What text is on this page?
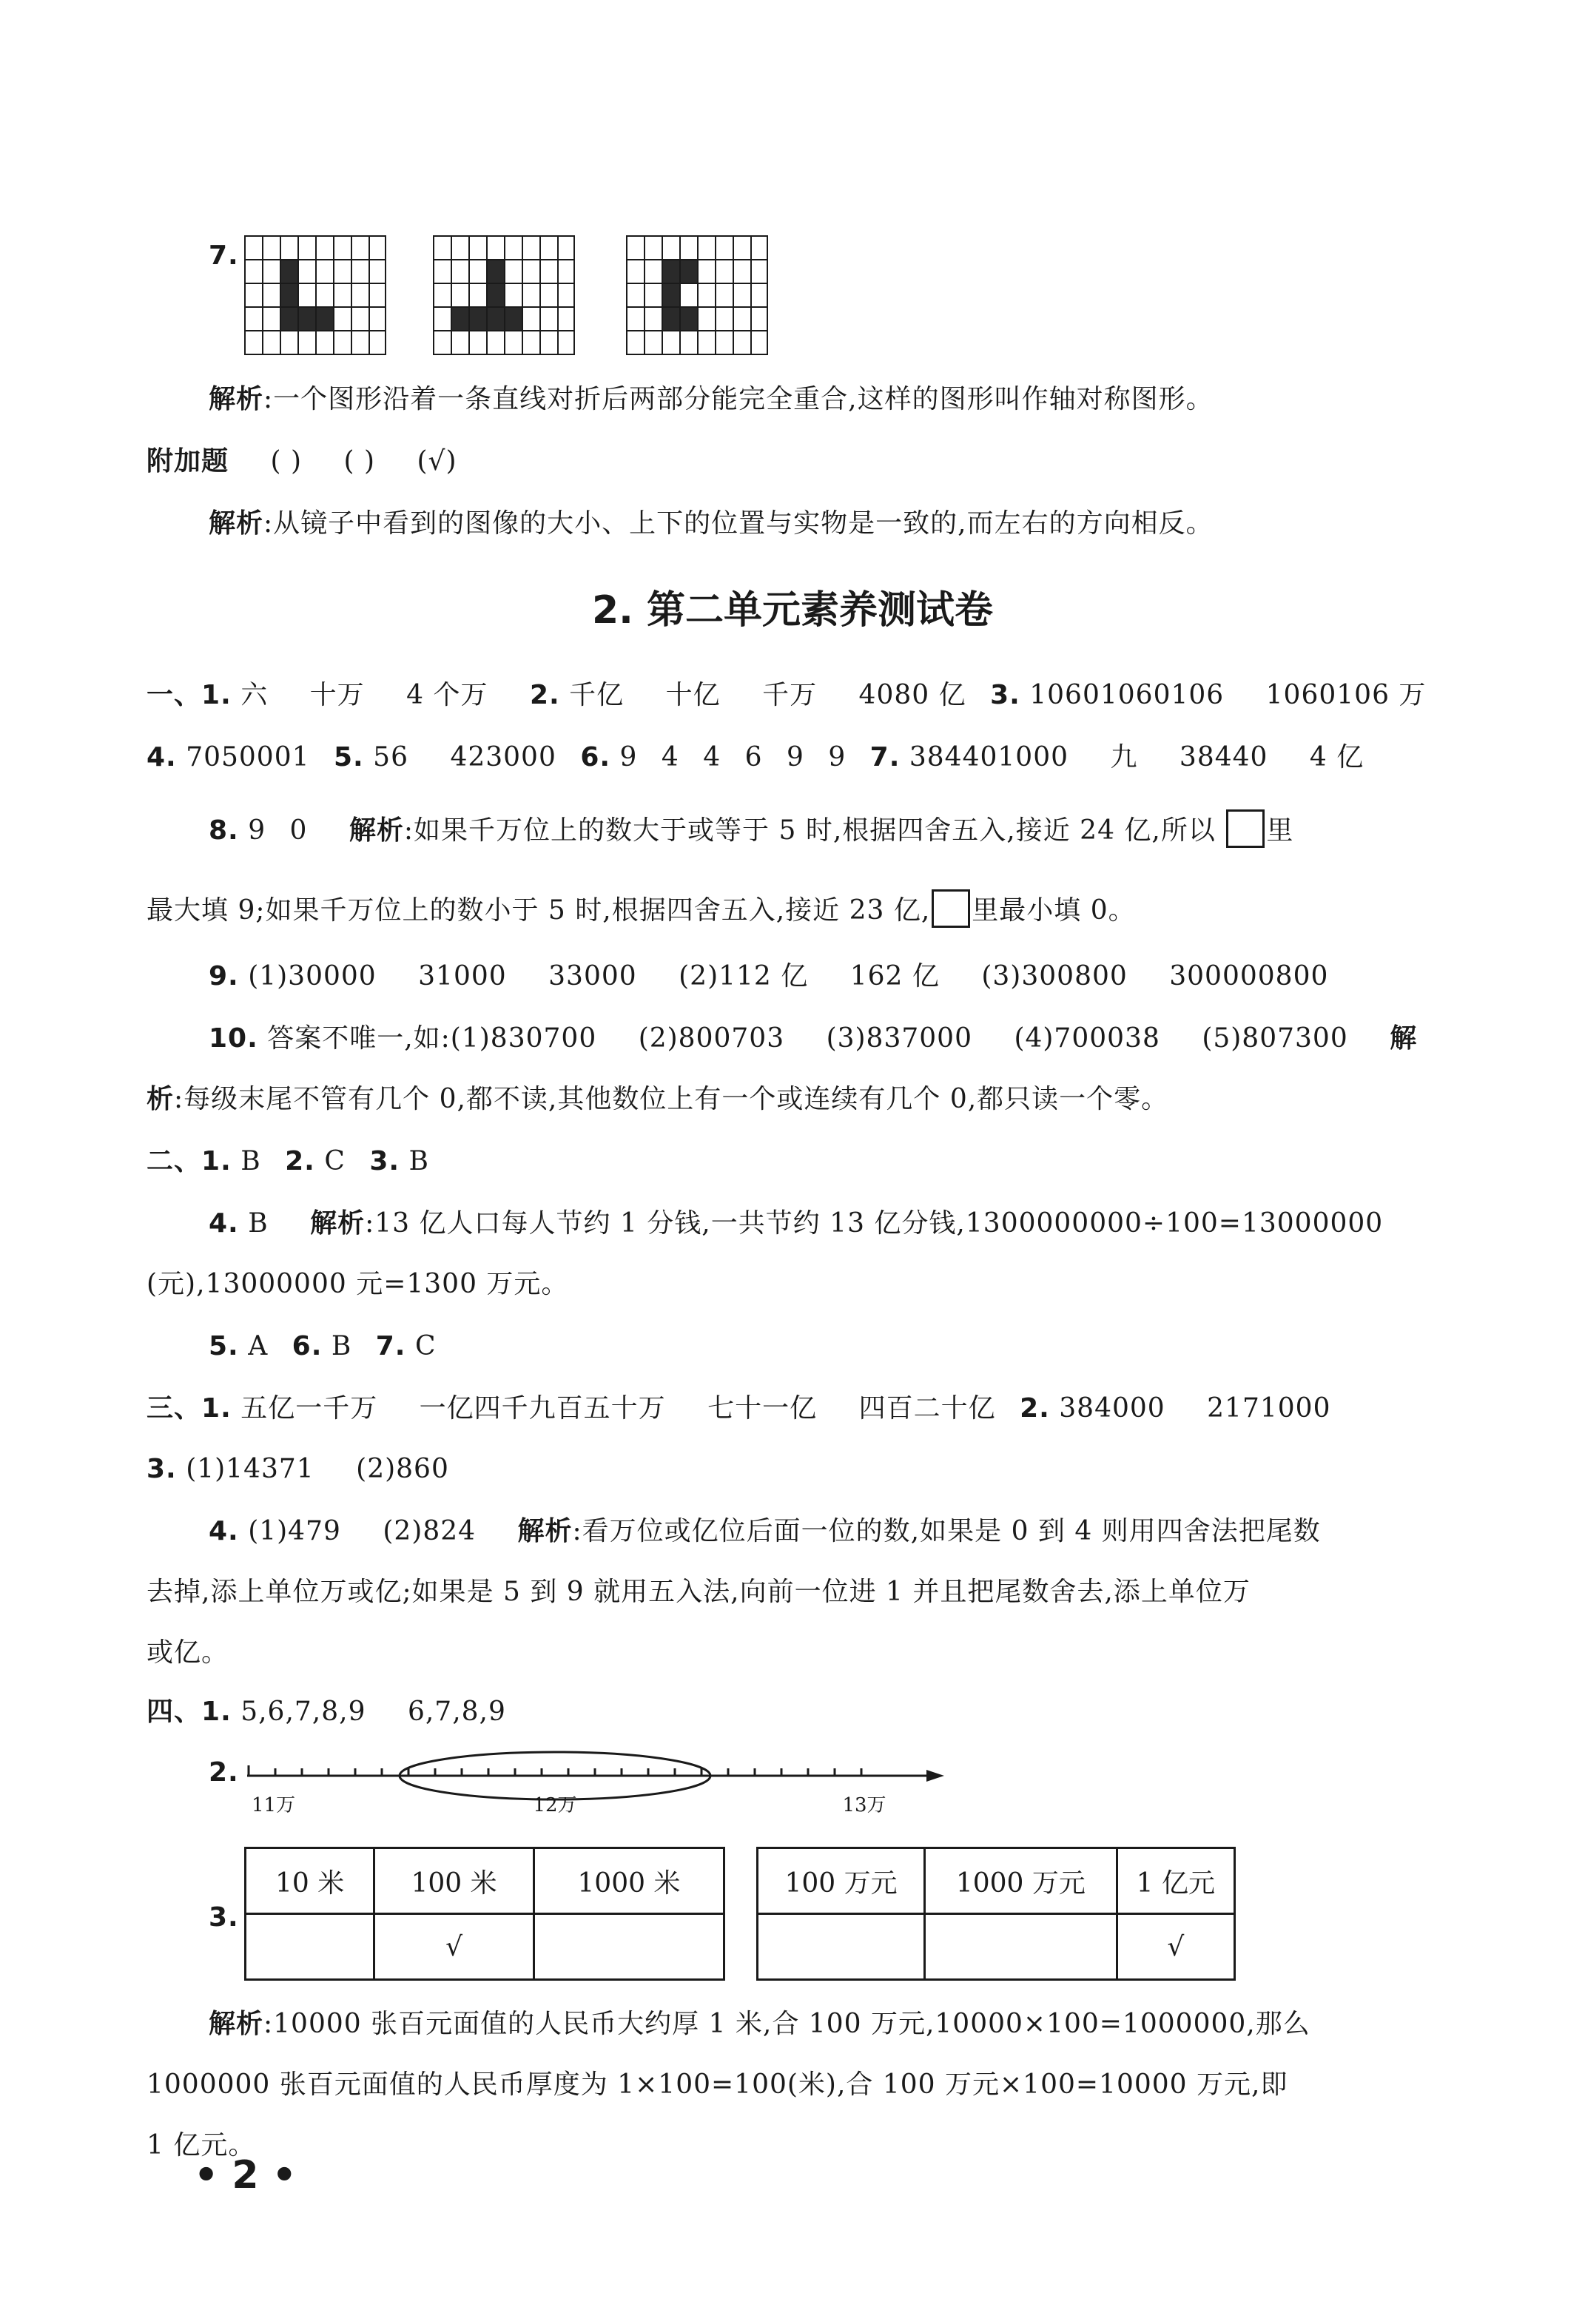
7.
解析:一个图形沿着一条直线对折后两部分能完全重合,这样的图形叫作轴对称图形。
附加题 ( ) ( ) (√)
解析:从镜子中看到的图像的大小、上下的位置与实物是一致的,而左右的方向相反。
2. 第二单元素养测试卷
一、1. 六 十万 4 个万 2. 千亿 十亿 千万 4080 亿 3. 10601060106 1060106 万
4. 7050001 5. 56 423000 6. 9 4 4 6 9 9 7. 384401000 九 38440 4 亿
8. 9 0 解析:如果千万位上的数大于或等于 5 时,根据四舍五入,接近 24 亿,所以 里
最大填 9;如果千万位上的数小于 5 时,根据四舍五入,接近 23 亿, 里最小填 0。
9. (1)30000 31000 33000 (2)112 亿 162 亿 (3)300800 300000800
10. 答案不唯一,如:(1)830700 (2)800703 (3)837000 (4)700038 (5)807300 解
析:每级末尾不管有几个 0,都不读,其他数位上有一个或连续有几个 0,都只读一个零。
二、1. B 2. C 3. B
4. B 解析:13 亿人口每人节约 1 分钱,一共节约 13 亿分钱,1300000000÷100=13000000
(元),13000000 元=1300 万元。
5. A 6. B 7. C
三、1. 五亿一千万 一亿四千九百五十万 七十一亿 四百二十亿 2. 384000 2171000
3. (1)14371 (2)860
4. (1)479 (2)824 解析:看万位或亿位后面一位的数,如果是 0 到 4 则用四舍法把尾数
去掉,添上单位万或亿;如果是 5 到 9 就用五入法,向前一位进 1 并且把尾数舍去,添上单位万
或亿。
四、1. 5,6,7,8,9 6,7,8,9
2.
11万	12万	13万
3.
10 米	100 米	1000 米
	√	
100 万元	1000 万元	1 亿元
		√
解析:10000 张百元面值的人民币大约厚 1 米,合 100 万元,10000×100=1000000,那么
1000000 张百元面值的人民币厚度为 1×100=100(米),合 100 万元×100=10000 万元,即
1 亿元。
• 2 •
